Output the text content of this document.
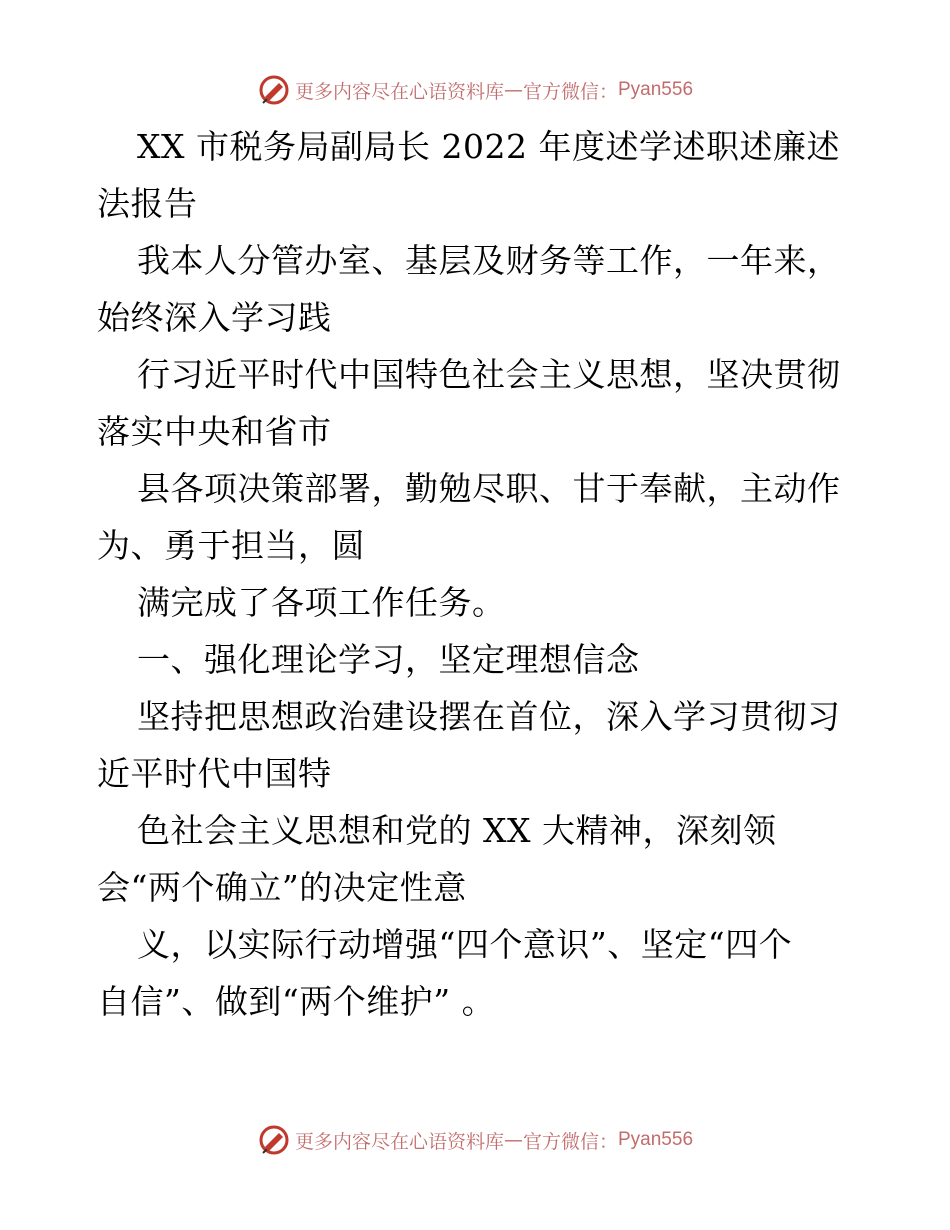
更多内容尽在心语资料库 — 官方微信： Pyan556
XX 市税务局副局长 2022 年度述学述职述廉述
法报告
我本人分管办室、基层及财务等工作，一年来，
始终深入学习践
行习近平时代中国特色社会主义思想，坚决贯彻
落实中央和省市
县各项决策部署，勤勉尽职、甘于奉献，主动作
为、勇于担当，圆
满完成了各项工作任务。
一、强化理论学习，坚定理想信念
坚持把思想政治建设摆在首位，深入学习贯彻习
近平时代中国特
色社会主义思想和党的 XX 大精神，深刻领
会“两个确立”的决定性意
义，以实际行动增强“四个意识”、坚定“四个
自信”、做到“两个维护” 。
更多内容尽在心语资料库 — 官方微信： Pyan556
